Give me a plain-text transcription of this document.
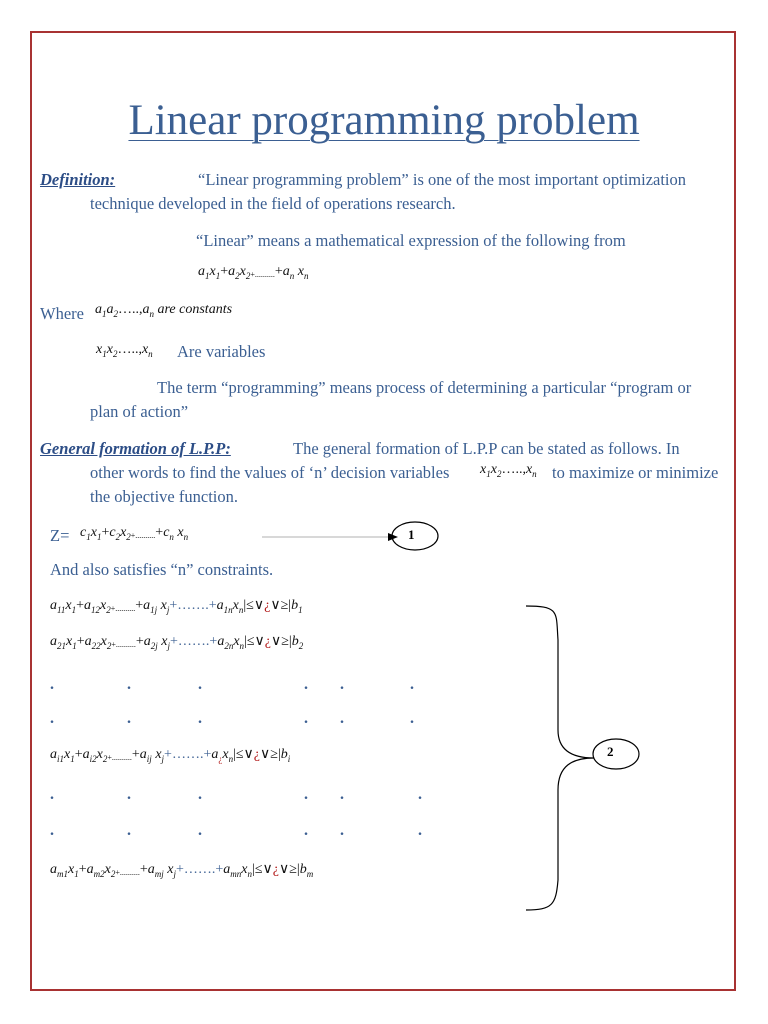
Linear programming problem
Definition:	“Linear programming problem” is one of the most important optimization
technique developed in the field of operations research.
“Linear” means a mathematical expression of the following from
$a_1x_1+a_2x_2+..........+a_n$ $x_n$
Where $a_1a_2\dots..,a_n$ are constants
$x_1x_2\dots..,x_n$ Are variables
The term “programming” means process of determining a particular “program or
plan of action”
General formation of L.P.P:	The general formation of L.P.P can be stated as follows. In
other words to find the values of ‘n’ decision variables $x_1x_2\dots..,x_n$ to maximize or minimize
the objective function.
$Z= c_1x_1+c_2x_2+..........+c_n$ $x_n$	1
2
And also satisfies “n” constraints.
$a_{11}x_1+a_{12}x_2+..........+a_{1j}$ $x_j+\dots\dots.+a_{1n}x_n|\le\vee¿\vee\ge|b_1$
$a_{21}x_1+a_{22}x_2+..........+a_{2j}$ $x_j+\dots\dots.+a_{2n}x_n|\le\vee¿\vee\ge|b_2$
.	.	.	. .	.
.	.	.	. .	.
$a_{i1}x_1+a_{i2}x_2+..........+a_{ij}$ $x_j+\dots\dots.+a_¿x_n|\le\vee¿\vee\ge|b_i$
.	.	.	. .	.
.	.	.	. .	.
$a_{m1}x_1+a_{m2}x_2+..........+a_{mj}$ $x_j+\dots\dots.+a_{mn}x_n|\le\vee¿\vee\ge|b_m$
